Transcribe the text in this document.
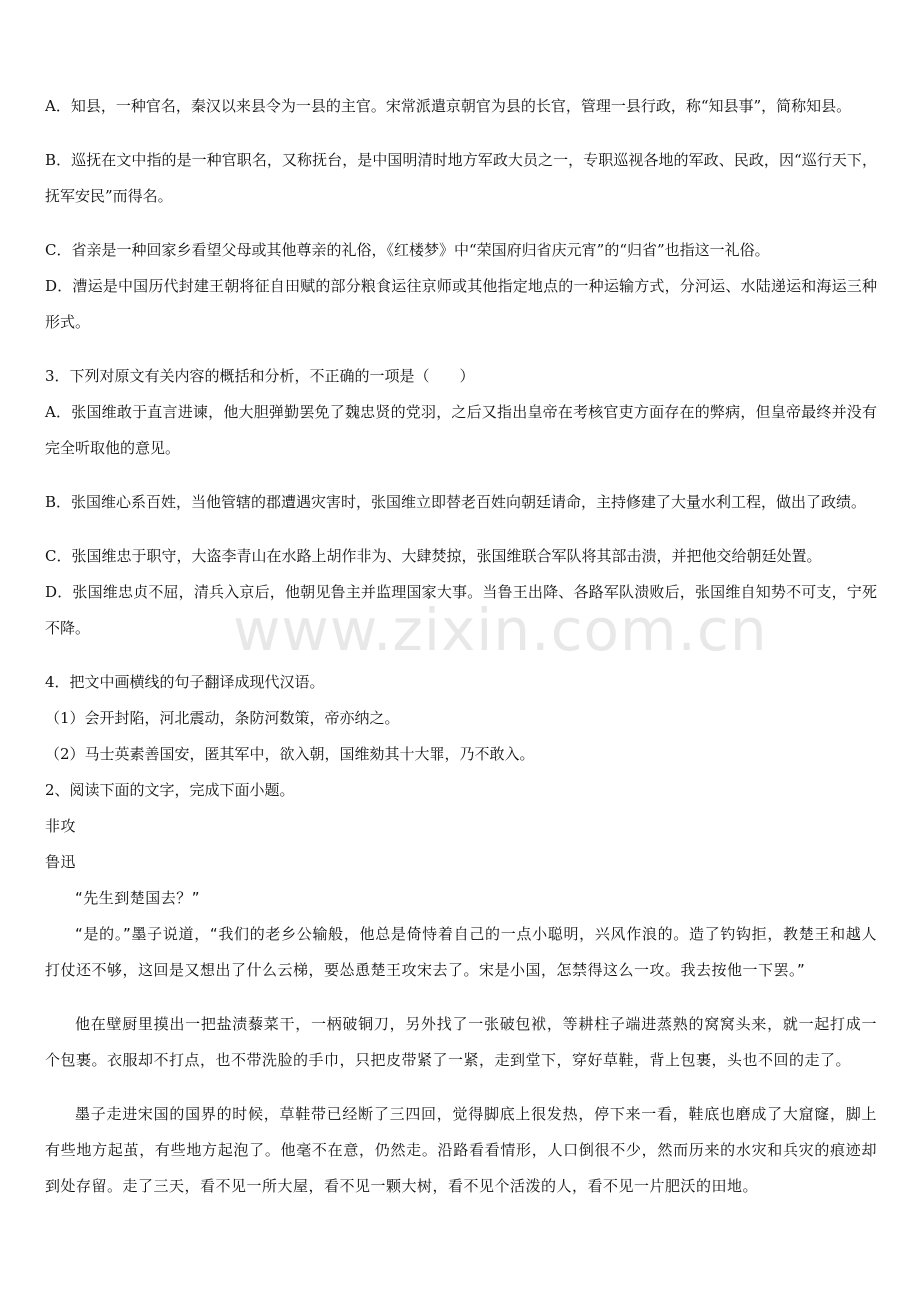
A．知县，一种官名，秦汉以来县令为一县的主官。宋常派遣京朝官为县的长官，管理一县行政，称“知县事”，简称知县。

B．巡抚在文中指的是一种官职名，又称抚台，是中国明清时地方军政大员之一，专职巡视各地的军政、民政，因“巡行天下，抚军安民”而得名。

C．省亲是一种回家乡看望父母或其他尊亲的礼俗，《红楼梦》中“荣国府归省庆元宵”的“归省”也指这一礼俗。

D．漕运是中国历代封建王朝将征自田赋的部分粮食运往京师或其他指定地点的一种运输方式，分河运、水陆递运和海运三种形式。

3．下列对原文有关内容的概括和分析，不正确的一项是（　　）

A．张国维敢于直言进谏，他大胆弹勤罢免了魏忠贤的党羽，之后又指出皇帝在考核官吏方面存在的弊病，但皇帝最终并没有完全听取他的意见。

B．张国维心系百姓，当他管辖的郡遭遇灾害时，张国维立即替老百姓向朝廷请命，主持修建了大量水利工程，做出了政绩。

C．张国维忠于职守，大盗李青山在水路上胡作非为、大肆焚掠，张国维联合军队将其部击溃，并把他交给朝廷处置。

D．张国维忠贞不屈，清兵入京后，他朝见鲁主并监理国家大事。当鲁王出降、各路军队溃败后，张国维自知势不可支，宁死不降。

4．把文中画横线的句子翻译成现代汉语。

（1）会开封陷，河北震动，条防河数策，帝亦纳之。

（2）马士英素善国安，匿其军中，欲入朝，国维劾其十大罪，乃不敢入。

2、阅读下面的文字，完成下面小题。

非攻

鲁迅

“先生到楚国去？”

“是的。”墨子说道，“我们的老乡公输般，他总是倚恃着自己的一点小聪明，兴风作浪的。造了钓钩拒，教楚王和越人打仗还不够，这回是又想出了什么云梯，要怂恿楚王攻宋去了。宋是小国，怎禁得这么一攻。我去按他一下罢。”

他在壁厨里摸出一把盐渍藜菜干，一柄破铜刀，另外找了一张破包袱，等耕柱子端进蒸熟的窝窝头来，就一起打成一个包裹。衣服却不打点，也不带洗脸的手巾，只把皮带紧了一紧，走到堂下，穿好草鞋，背上包裹，头也不回的走了。

墨子走进宋国的国界的时候，草鞋带已经断了三四回，觉得脚底上很发热，停下来一看，鞋底也磨成了大窟窿，脚上有些地方起茧，有些地方起泡了。他毫不在意，仍然走。沿路看看情形，人口倒很不少，然而历来的水灾和兵灾的痕迹却到处存留。走了三天，看不见一所大屋，看不见一颗大树，看不见个活泼的人，看不见一片肥沃的田地。

www.zixin.com.cn
